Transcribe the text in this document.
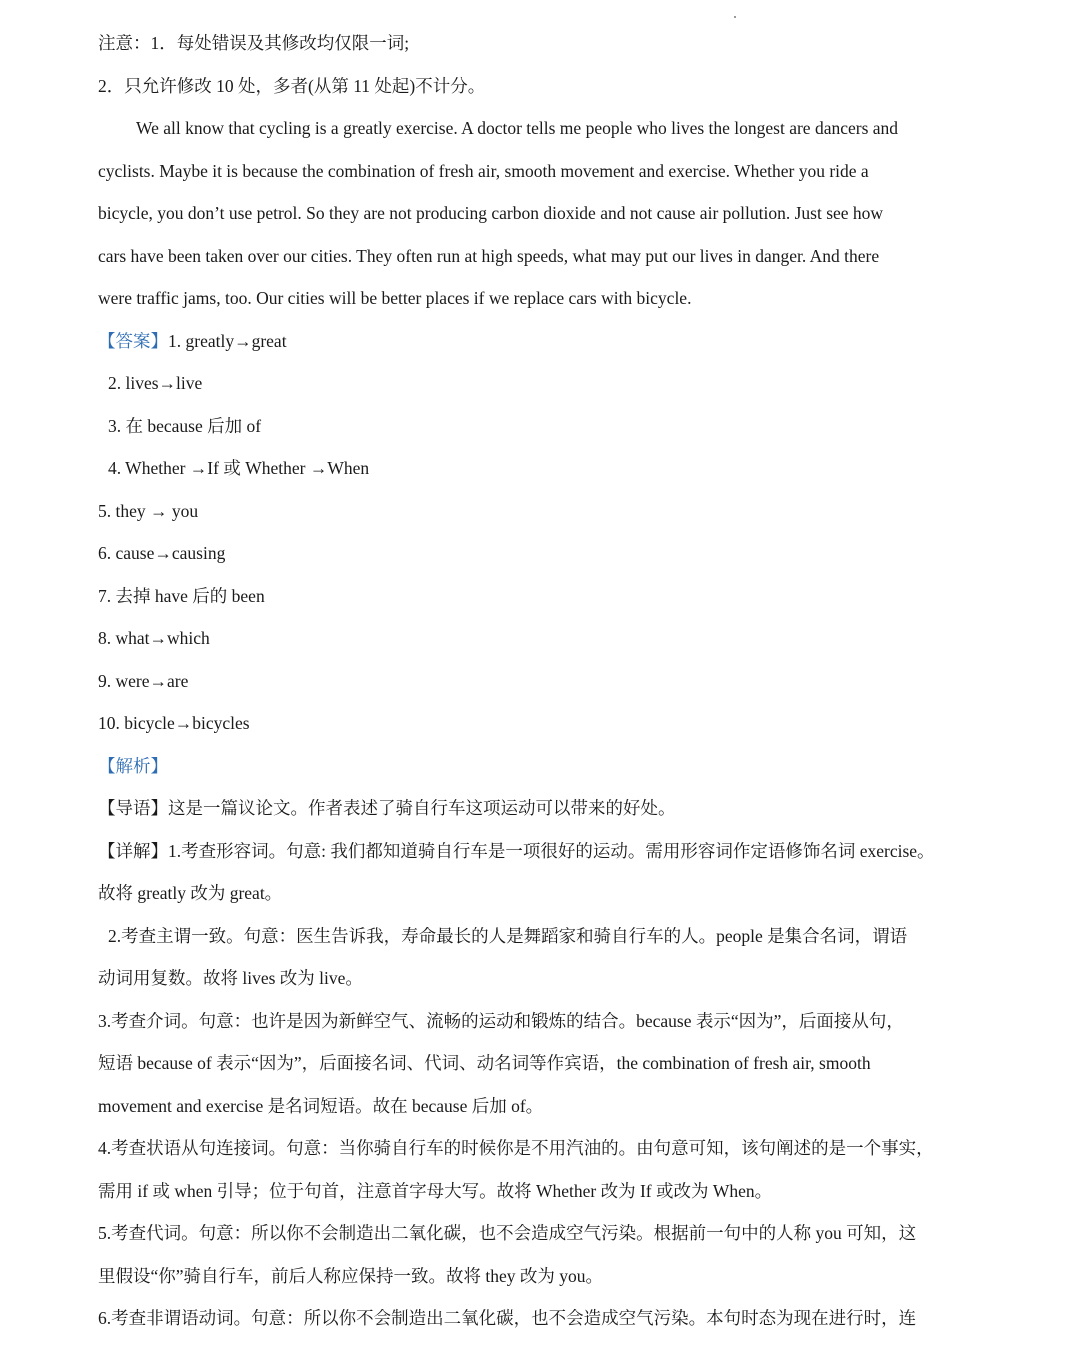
注意：1．每处错误及其修改均仅限一词;
2．只允许修改 10 处，多者(从第 11 处起)不计分。
We all know that cycling is a greatly exercise. A doctor tells me people who lives the longest are dancers and
cyclists. Maybe it is because the combination of fresh air, smooth movement and exercise. Whether you ride a
bicycle, you don’t use petrol. So they are not producing carbon dioxide and not cause air pollution. Just see how
cars have been taken over our cities. They often run at high speeds, what may put our lives in danger. And there
were traffic jams, too. Our cities will be better places if we replace cars with bicycle.
【答案】1. greatly→great
2. lives→live
3. 在 because 后加 of
4. Whether →If 或 Whether →When
5. they → you
6. cause→causing
7. 去掉 have 后的 been
8. what→which
9. were→are
10. bicycle→bicycles
【解析】
【导语】这是一篇议论文。作者表述了骑自行车这项运动可以带来的好处。
【详解】1.考查形容词。句意: 我们都知道骑自行车是一项很好的运动。需用形容词作定语修饰名词 exercise。
故将 greatly 改为 great。
2.考查主谓一致。句意：医生告诉我，寿命最长的人是舞蹈家和骑自行车的人。people 是集合名词，谓语
动词用复数。故将 lives 改为 live。
3.考查介词。句意：也许是因为新鲜空气、流畅的运动和锻炼的结合。because 表示“因为”，后面接从句，
短语 because of 表示“因为”，后面接名词、代词、动名词等作宾语，the combination of fresh air, smooth
movement and exercise 是名词短语。故在 because 后加 of。
4.考查状语从句连接词。句意：当你骑自行车的时候你是不用汽油的。由句意可知，该句阐述的是一个事实，
需用 if 或 when 引导；位于句首，注意首字母大写。故将 Whether 改为 If 或改为 When。
5.考查代词。句意：所以你不会制造出二氧化碳，也不会造成空气污染。根据前一句中的人称 you 可知，这
里假设“你”骑自行车，前后人称应保持一致。故将 they 改为 you。
6.考查非谓语动词。句意：所以你不会制造出二氧化碳，也不会造成空气污染。本句时态为现在进行时，连
